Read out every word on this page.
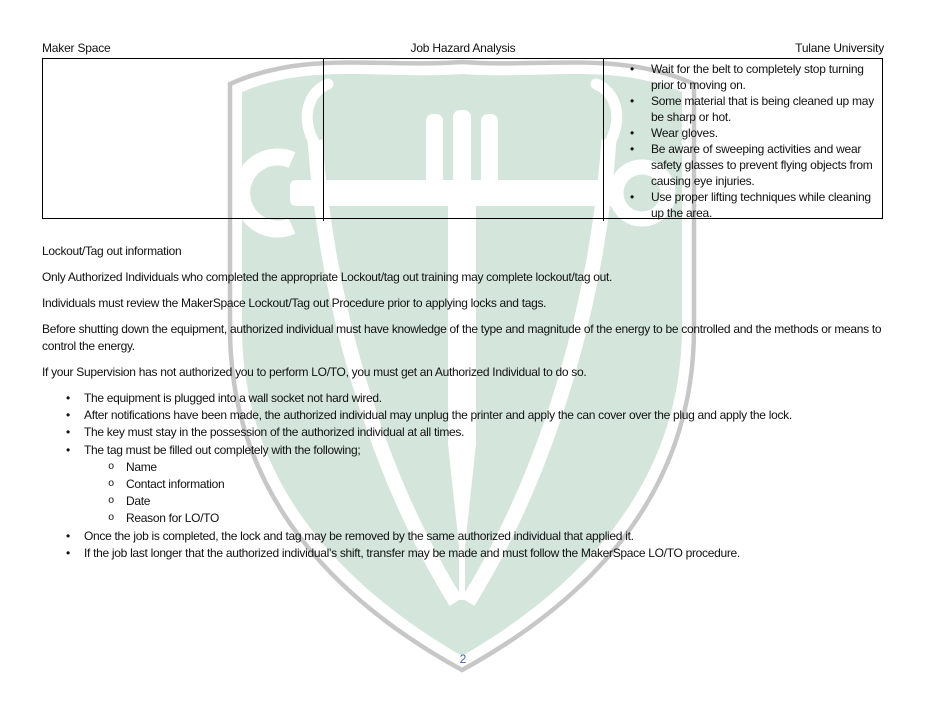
Maker Space	Job Hazard Analysis	Tulane University
•	Wait for the belt to completely stop turning prior to moving on.
•	Some material that is being cleaned up may be sharp or hot.
•	Wear gloves.
•	Be aware of sweeping activities and wear safety glasses to prevent flying objects from causing eye injuries.
•	Use proper lifting techniques while cleaning up the area.

Lockout/Tag out information

Only Authorized Individuals who completed the appropriate Lockout/tag out training may complete lockout/tag out.

Individuals must review the MakerSpace Lockout/Tag out Procedure prior to applying locks and tags.

Before shutting down the equipment, authorized individual must have knowledge of the type and magnitude of the energy to be controlled and the methods or means to control the energy.

If your Supervision has not authorized you to perform LO/TO, you must get an Authorized Individual to do so.

•	The equipment is plugged into a wall socket not hard wired.
•	After notifications have been made, the authorized individual may unplug the printer and apply the can cover over the plug and apply the lock.
•	The key must stay in the possession of the authorized individual at all times.
•	The tag must be filled out completely with the following;
o Name
o Contact information
o Date
o Reason for LO/TO
•	Once the job is completed, the lock and tag may be removed by the same authorized individual that applied it.
•	If the job last longer that the authorized individual’s shift, transfer may be made and must follow the MakerSpace LO/TO procedure.
2
